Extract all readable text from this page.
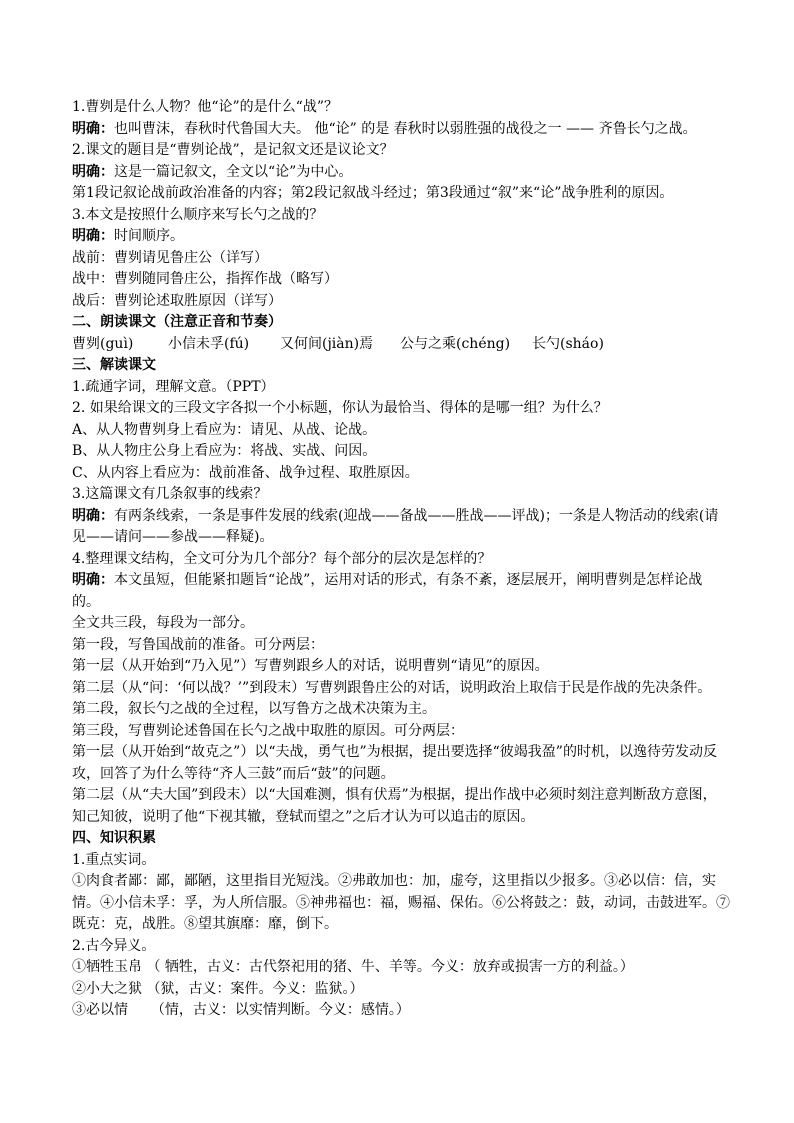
1.曹刿是什么人物？他“论”的是什么“战”？
明确：也叫曹沫，春秋时代鲁国大夫。 他“论” 的是 春秋时以弱胜强的战役之一 —— 齐鲁长勺之战。
2.课文的题目是“曹刿论战”，是记叙文还是议论文？
明确：这是一篇记叙文，全文以“论”为中心。
第1段记叙论战前政治准备的内容；第2段记叙战斗经过；第3段通过“叙”来“论”战争胜利的原因。
3.本文是按照什么顺序来写长勺之战的？
明确：时间顺序。
战前：曹刿请见鲁庄公（详写）
战中：曹刿随同鲁庄公，指挥作战（略写）
战后：曹刿论述取胜原因（详写）
二、朗读课文（注意正音和节奏）
曹刿(guì)	小信未孚(fú)	又何间(jiàn)焉	公与之乘(chéng)	长勺(sháo)
三、解读课文
1.疏通字词，理解文意。（PPT）
2. 如果给课文的三段文字各拟一个小标题，你认为最恰当、得体的是哪一组？为什么？
A、从人物曹刿身上看应为：请见、从战、论战。
B、从人物庄公身上看应为：将战、实战、问因。
C、从内容上看应为：战前准备、战争过程、取胜原因。
3.这篇课文有几条叙事的线索？
明确：有两条线索，一条是事件发展的线索(迎战——备战——胜战——评战)；一条是人物活动的线索(请见——请问——参战——释疑)。
4.整理课文结构，全文可分为几个部分？每个部分的层次是怎样的？
明确：本文虽短，但能紧扣题旨“论战”，运用对话的形式，有条不紊，逐层展开，阐明曹刿是怎样论战的。
全文共三段，每段为一部分。
第一段，写鲁国战前的准备。可分两层：
第一层（从开始到“乃入见”）写曹刿跟乡人的对话，说明曹刿“请见”的原因。
第二层（从“问：‘何以战？’”到段末）写曹刿跟鲁庄公的对话，说明政治上取信于民是作战的先决条件。
第二段，叙长勺之战的全过程，以写鲁方之战术决策为主。
第三段，写曹刿论述鲁国在长勺之战中取胜的原因。可分两层：
第一层（从开始到“故克之”）以“夫战，勇气也”为根据，提出要选择“彼竭我盈”的时机，以逸待劳发动反攻，回答了为什么等待“齐人三鼓”而后“鼓”的问题。
第二层（从“夫大国”到段末）以“大国难测，惧有伏焉”为根据，提出作战中必须时刻注意判断敌方意图，知己知彼，说明了他“下视其辙，登轼而望之”之后才认为可以追击的原因。
四、知识积累
1.重点实词。
①肉食者鄙：鄙，鄙陋，这里指目光短浅。②弗敢加也：加，虚夸，这里指以少报多。③必以信：信，实情。④小信未孚：孚，为人所信服。⑤神弗福也：福，赐福、保佑。⑥公将鼓之：鼓，动词，击鼓进军。⑦既克：克，战胜。⑧望其旗靡：靡，倒下。
2.古今异义。
①牺牲玉帛 （ 牺牲，古义：古代祭祀用的猪、牛、羊等。今义：放弃或损害一方的利益。）
②小大之狱 （狱，古义：案件。今义：监狱。）
③必以情 　 （情，古义：以实情判断。今义：感情。）
